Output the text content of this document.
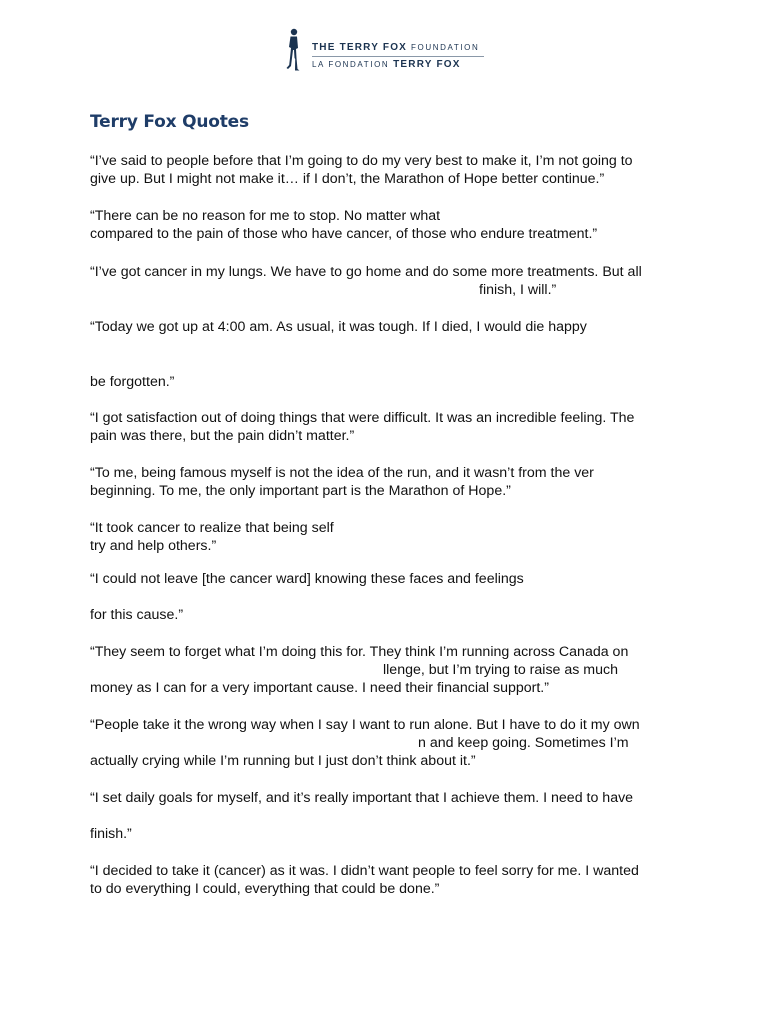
THE TERRY FOX FOUNDATION
LA FONDATION TERRY FOX
Terry Fox Quotes
“I’ve said to people before that I’m going to do my very best to make it, I’m not going to
give up. But I might not make it… if I don’t, the Marathon of Hope better continue.”
“There can be no reason for me to stop. No matter what
compared to the pain of those who have cancer, of those who endure treatment.”
“I’ve got cancer in my lungs. We have to go home and do some more treatments. But all
finish, I will.”
“Today we got up at 4:00 am. As usual, it was tough. If I died, I would die happy
be forgotten.”
“I got satisfaction out of doing things that were difficult. It was an incredible feeling. The
pain was there, but the pain didn’t matter.”
“To me, being famous myself is not the idea of the run, and it wasn’t from the ver
beginning. To me, the only important part is the Marathon of Hope.”
“It took cancer to realize that being self
try and help others.”
“I could not leave [the cancer ward] knowing these faces and feelings
for this cause.”
“They seem to forget what I’m doing this for. They think I’m running across Canada on
llenge, but I’m trying to raise as much
money as I can for a very important cause. I need their financial support.”
“People take it the wrong way when I say I want to run alone. But I have to do it my own
n and keep going. Sometimes I’m
actually crying while I’m running but I just don’t think about it.”
“I set daily goals for myself, and it’s really important that I achieve them. I need to have
finish.”
“I decided to take it (cancer) as it was. I didn’t want people to feel sorry for me. I wanted
to do everything I could, everything that could be done.”
